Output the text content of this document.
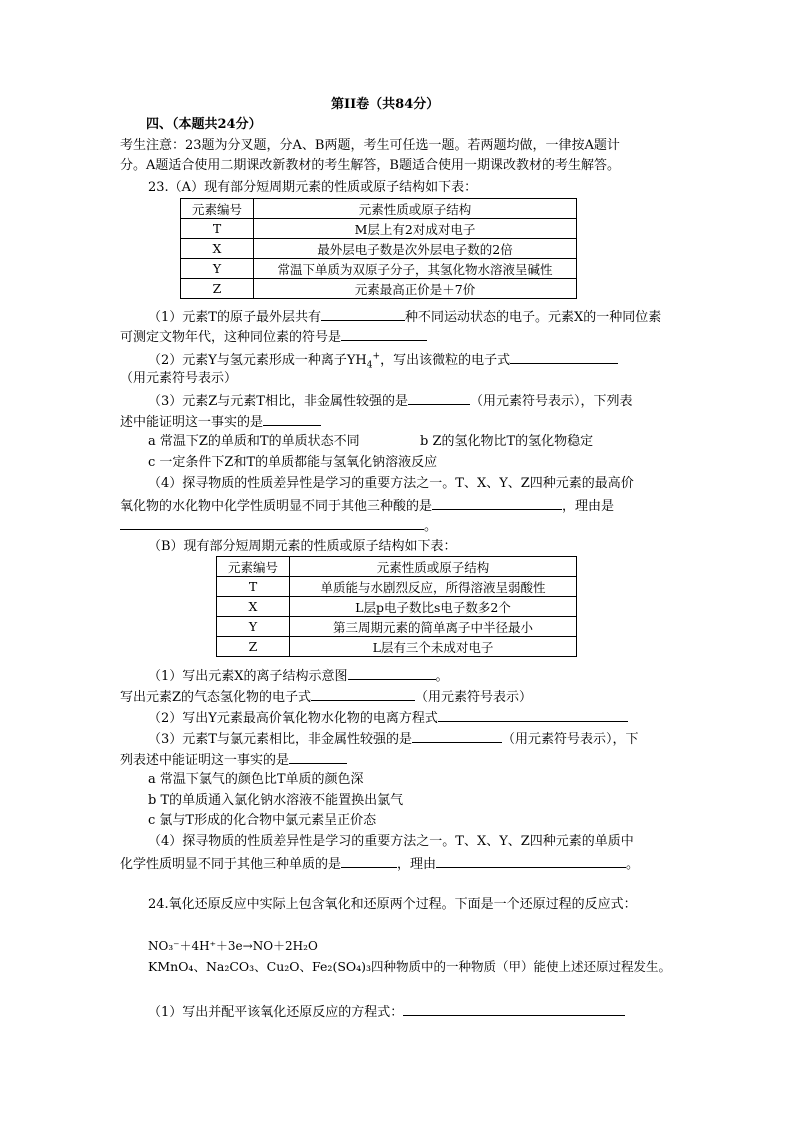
第II卷（共84分）
四、（本题共24分）
考生注意：23题为分叉题，分A、B两题，考生可任选一题。若两题均做，一律按A题计
分。A题适合使用二期课改新教材的考生解答，B题适合使用一期课改教材的考生解答。
23.（A）现有部分短周期元素的性质或原子结构如下表：
元素编号	元素性质或原子结构
T	M层上有2对成对电子
X	最外层电子数是次外层电子数的2倍
Y	常温下单质为双原子分子，其氢化物水溶液呈碱性
Z	元素最高正价是＋7价
（1）元素T的原子最外层共有	种不同运动状态的电子。元素X的一种同位素
可测定文物年代，这种同位素的符号是
（2）元素Y与氢元素形成一种离子$YH_4^+$，写出该微粒的电子式
（用元素符号表示）
（3）元素Z与元素T相比，非金属性较强的是	（用元素符号表示），下列表
述中能证明这一事实的是
a 常温下Z的单质和T的单质状态不同	b Z的氢化物比T的氢化物稳定
c 一定条件下Z和T的单质都能与氢氧化钠溶液反应
（4）探寻物质的性质差异性是学习的重要方法之一。T、X、Y、Z四种元素的最高价
氧化物的水化物中化学性质明显不同于其他三种酸的是	，理由是
。
（B）现有部分短周期元素的性质或原子结构如下表：
元素编号	元素性质或原子结构
T	单质能与水剧烈反应，所得溶液呈弱酸性
X	L层p电子数比s电子数多2个
Y	第三周期元素的简单离子中半径最小
Z	L层有三个未成对电子
（1）写出元素X的离子结构示意图	。
写出元素Z的气态氢化物的电子式	（用元素符号表示）
（2）写出Y元素最高价氧化物水化物的电离方程式
（3）元素T与氯元素相比，非金属性较强的是	（用元素符号表示），下
列表述中能证明这一事实的是
a 常温下氯气的颜色比T单质的颜色深
b T的单质通入氯化钠水溶液不能置换出氯气
c 氯与T形成的化合物中氯元素呈正价态
（4）探寻物质的性质差异性是学习的重要方法之一。T、X、Y、Z四种元素的单质中
化学性质明显不同于其他三种单质的是	，理由	。
24.氧化还原反应中实际上包含氧化和还原两个过程。下面是一个还原过程的反应式：
NO₃⁻＋4H⁺＋3e→NO＋2H₂O
KMnO₄、Na₂CO₃、Cu₂O、Fe₂(SO₄)₃四种物质中的一种物质（甲）能使上述还原过程发生。
（1）写出并配平该氧化还原反应的方程式：
